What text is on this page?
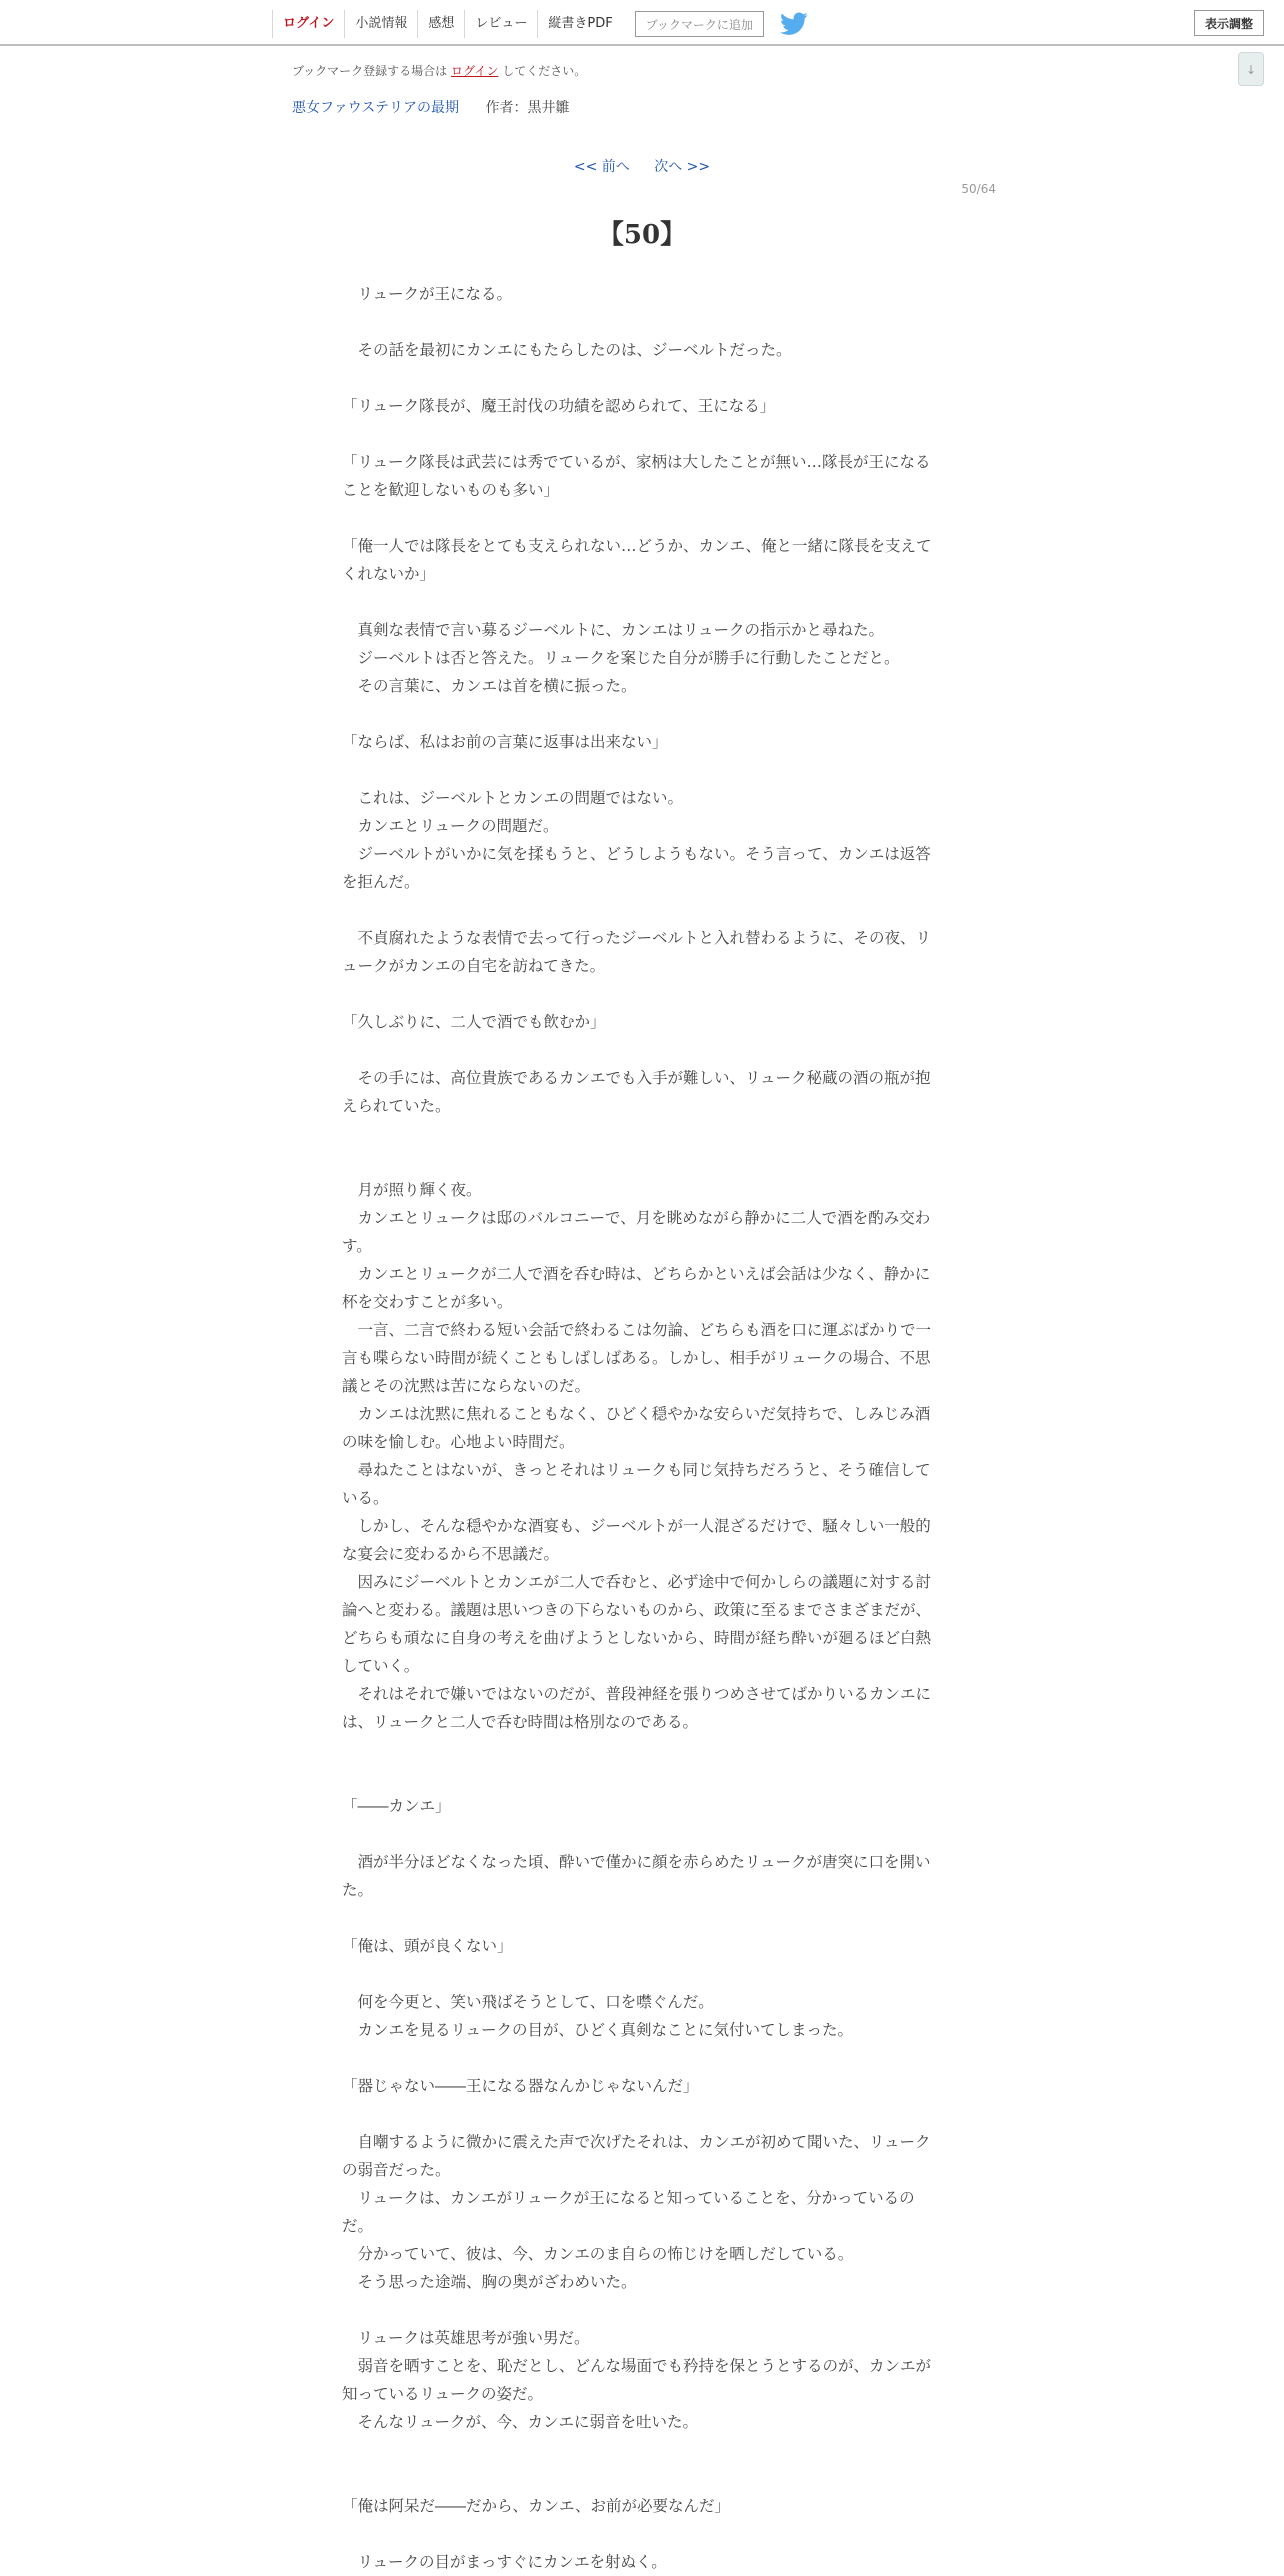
ログイン	小説情報	感想	レビュー	縦書きPDF	ブックマークに追加	表示調整
↓
ブックマーク登録する場合は ログイン してください。
悪女ファウステリアの最期 作者：黒井雛
<< 前へ 次へ >>
50/64
【50】
　リュークが王になる。
　その話を最初にカンエにもたらしたのは、ジーベルトだった。
「リューク隊長が、魔王討伐の功績を認められて、王になる」
「リューク隊長は武芸には秀でているが、家柄は大したことが無い…隊長が王になることを歓迎しないものも多い」
「俺一人では隊長をとても支えられない…どうか、カンエ、俺と一緒に隊長を支えてくれないか」
　真剣な表情で言い募るジーベルトに、カンエはリュークの指示かと尋ねた。
　ジーベルトは否と答えた。リュークを案じた自分が勝手に行動したことだと。
　その言葉に、カンエは首を横に振った。
「ならば、私はお前の言葉に返事は出来ない」
　これは、ジーベルトとカンエの問題ではない。
　カンエとリュークの問題だ。
　ジーベルトがいかに気を揉もうと、どうしようもない。そう言って、カンエは返答を拒んだ。
　不貞腐れたような表情で去って行ったジーベルトと入れ替わるように、その夜、リュークがカンエの自宅を訪ねてきた。
「久しぶりに、二人で酒でも飲むか」
　その手には、高位貴族であるカンエでも入手が難しい、リューク秘蔵の酒の瓶が抱えられていた。
　月が照り輝く夜。
　カンエとリュークは邸のバルコニーで、月を眺めながら静かに二人で酒を酌み交わす。
　カンエとリュークが二人で酒を呑む時は、どちらかといえば会話は少なく、静かに杯を交わすことが多い。
　一言、二言で終わる短い会話で終わるこは勿論、どちらも酒を口に運ぶばかりで一言も喋らない時間が続くこともしばしばある。しかし、相手がリュークの場合、不思議とその沈黙は苦にならないのだ。
　カンエは沈黙に焦れることもなく、ひどく穏やかな安らいだ気持ちで、しみじみ酒の味を愉しむ。心地よい時間だ。
　尋ねたことはないが、きっとそれはリュークも同じ気持ちだろうと、そう確信している。
　しかし、そんな穏やかな酒宴も、ジーベルトが一人混ざるだけで、騒々しい一般的な宴会に変わるから不思議だ。
　因みにジーベルトとカンエが二人で呑むと、必ず途中で何かしらの議題に対する討論へと変わる。議題は思いつきの下らないものから、政策に至るまでさまざまだが、どちらも頑なに自身の考えを曲げようとしないから、時間が経ち酔いが廻るほど白熱していく。
　それはそれで嫌いではないのだが、普段神経を張りつめさせてばかりいるカンエには、リュークと二人で呑む時間は格別なのである。
「――カンエ」
　酒が半分ほどなくなった頃、酔いで僅かに顔を赤らめたリュークが唐突に口を開いた。
「俺は、頭が良くない」
　何を今更と、笑い飛ばそうとして、口を噤ぐんだ。
　カンエを見るリュークの目が、ひどく真剣なことに気付いてしまった。
「器じゃない――王になる器なんかじゃないんだ」
　自嘲するように微かに震えた声で次げたそれは、カンエが初めて聞いた、リュークの弱音だった。
　リュークは、カンエがリュークが王になると知っていることを、分かっているのだ。
　分かっていて、彼は、今、カンエのま自らの怖じけを晒しだしている。
　そう思った途端、胸の奥がざわめいた。
　リュークは英雄思考が強い男だ。
　弱音を晒すことを、恥だとし、どんな場面でも矜持を保とうとするのが、カンエが知っているリュークの姿だ。
　そんなリュークが、今、カンエに弱音を吐いた。
「俺は阿呆だ――だから、カンエ、お前が必要なんだ」
　リュークの目がまっすぐにカンエを射ぬく。
